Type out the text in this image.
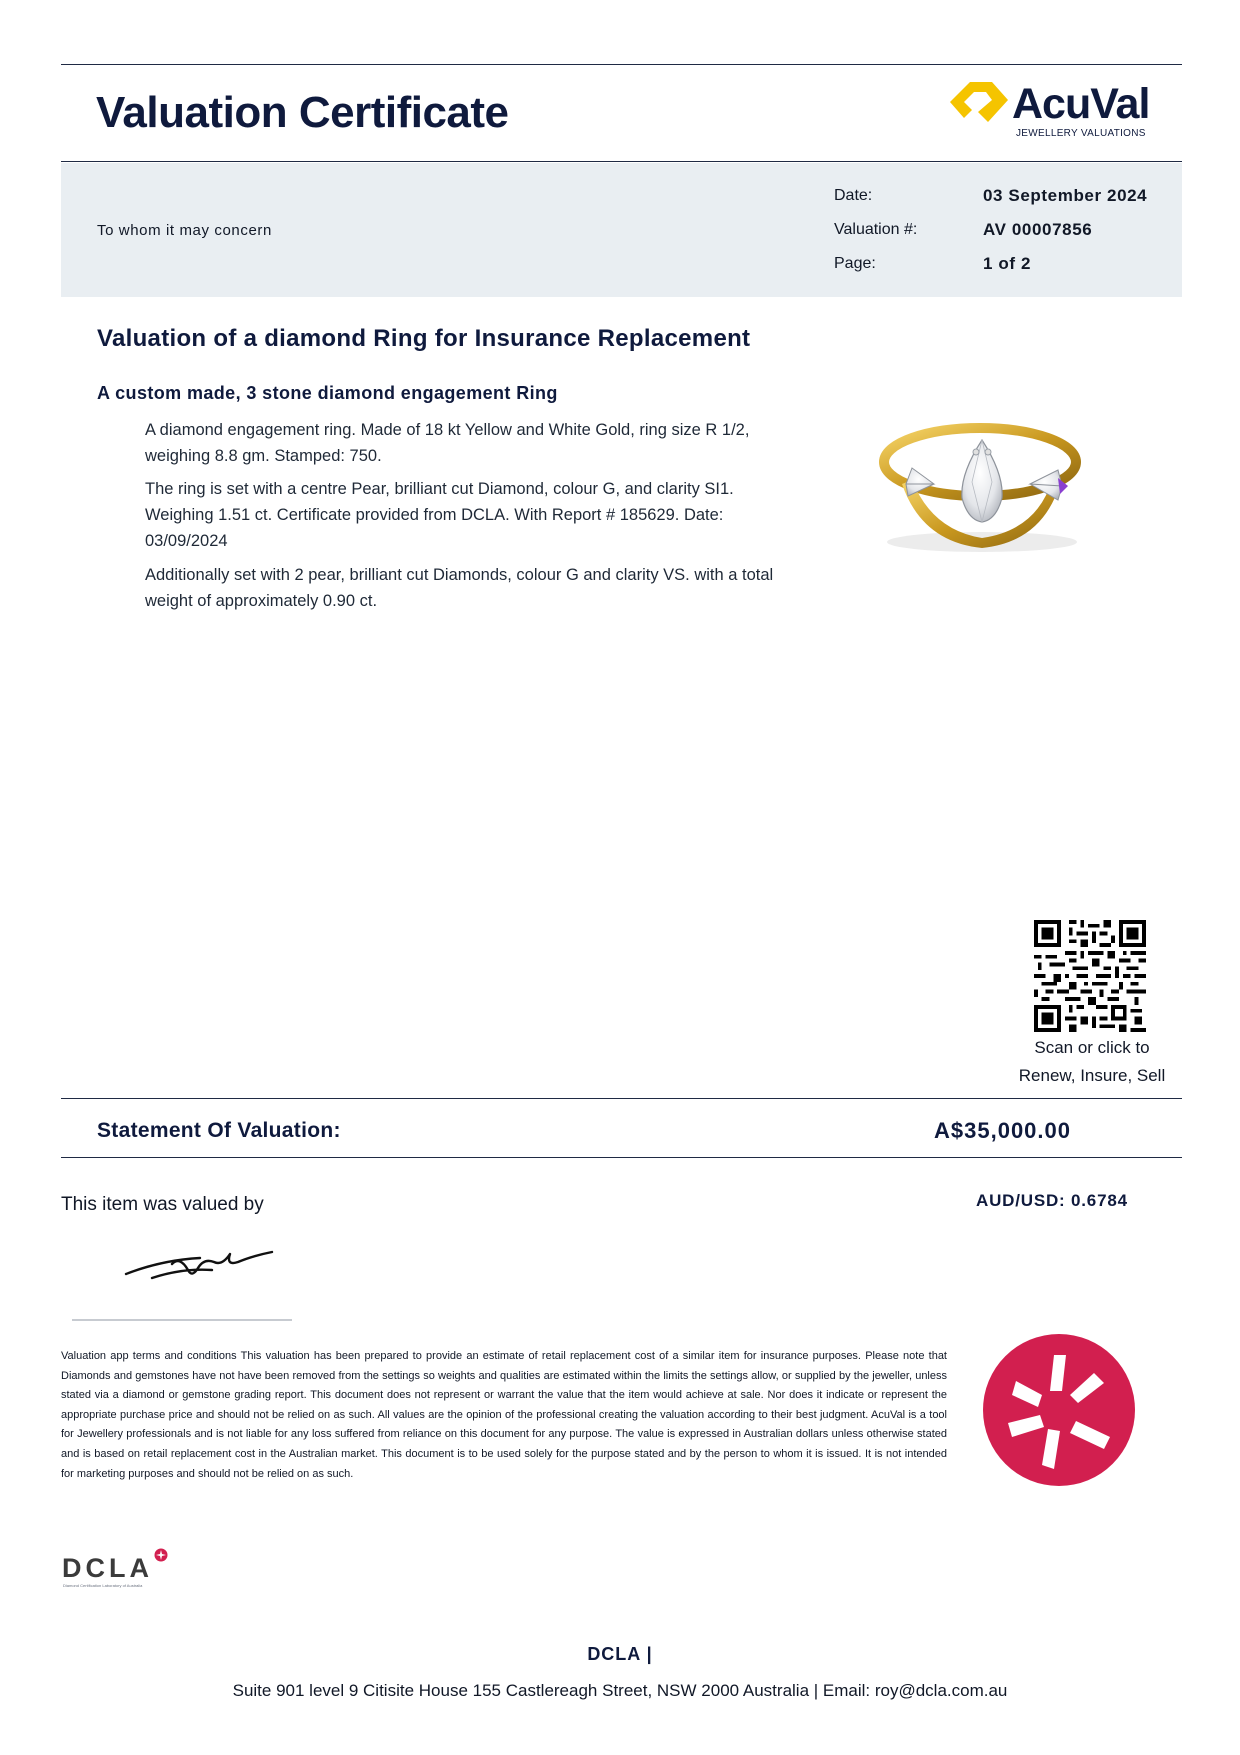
Valuation Certificate	AcuVal
JEWELLERY VALUATIONS
To whom it may concern
Date:	03 September 2024
Valuation #:	AV 00007856
Page:	1 of 2
Valuation of a diamond Ring for Insurance Replacement
A custom made, 3 stone diamond engagement Ring
A diamond engagement ring. Made of 18 kt Yellow and White Gold, ring size R 1/2, weighing 8.8 gm. Stamped: 750.
The ring is set with a centre Pear, brilliant cut Diamond, colour G, and clarity SI1. Weighing 1.51 ct. Certificate provided from DCLA. With Report # 185629. Date: 03/09/2024
Additionally set with 2 pear, brilliant cut Diamonds, colour G and clarity VS. with a total weight of approximately 0.90 ct.
Scan or click to
Renew, Insure, Sell
Statement Of Valuation:	A$35,000.00
This item was valued by	AUD/USD: 0.6784
Valuation app terms and conditions This valuation has been prepared to provide an estimate of retail replacement cost of a similar item for insurance purposes. Please note that Diamonds and gemstones have not have been removed from the settings so weights and qualities are estimated within the limits the settings allow, or supplied by the jeweller, unless stated via a diamond or gemstone grading report. This document does not represent or warrant the value that the item would achieve at sale. Nor does it indicate or represent the appropriate purchase price and should not be relied on as such. All values are the opinion of the professional creating the valuation according to their best judgment. AcuVal is a tool for Jewellery professionals and is not liable for any loss suffered from reliance on this document for any purpose. The value is expressed in Australian dollars unless otherwise stated and is based on retail replacement cost in the Australian market. This document is to be used solely for the purpose stated and by the person to whom it is issued. It is not intended for marketing purposes and should not be relied on as such.
DCLA
Diamond Certification Laboratory of Australia
DCLA |
Suite 901 level 9 Citisite House 155 Castlereagh Street, NSW 2000 Australia | Email: roy@dcla.com.au
